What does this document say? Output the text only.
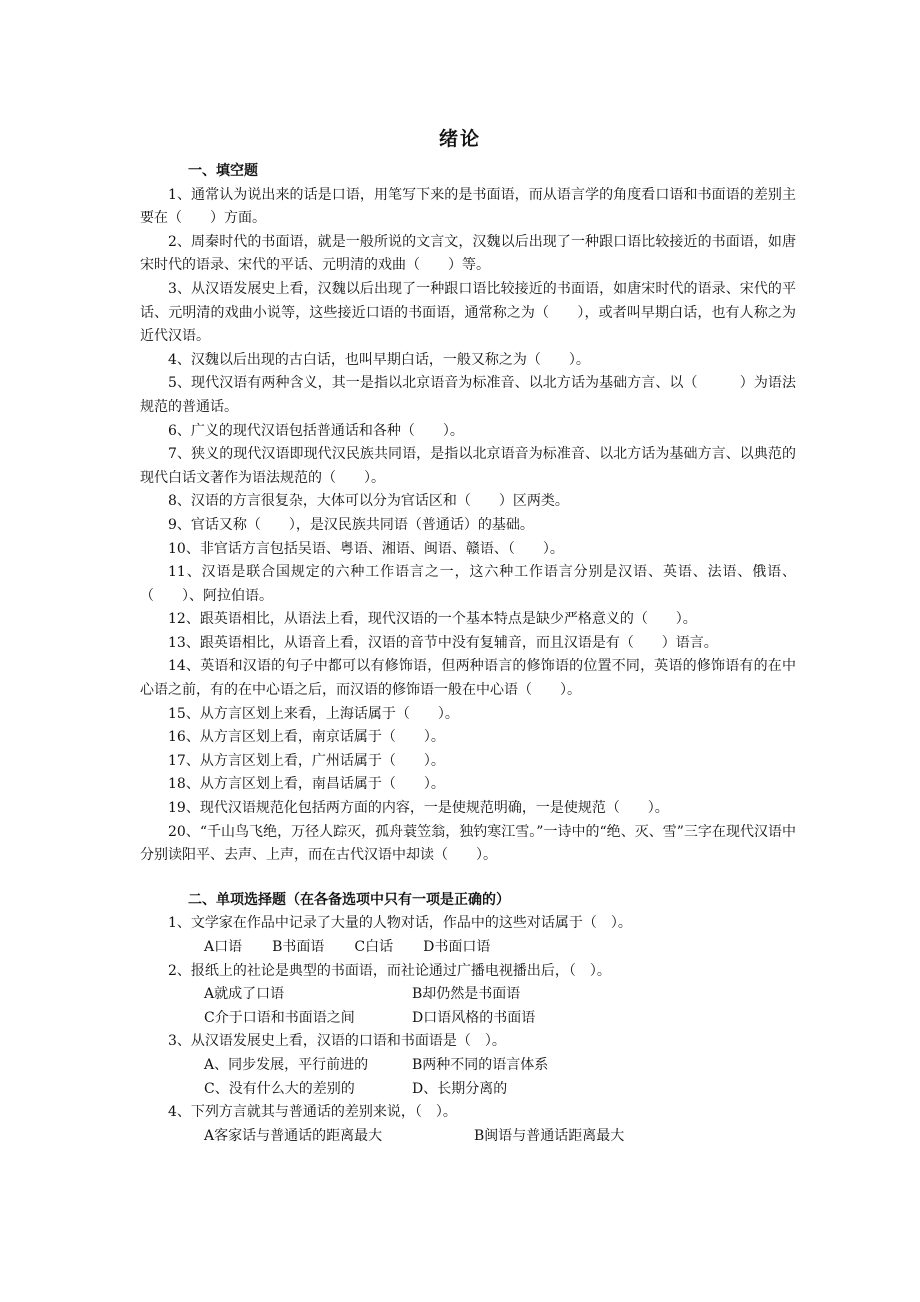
绪论
一、填空题
1、通常认为说出来的话是口语，用笔写下来的是书面语，而从语言学的角度看口语和书面语的差别主要在（　　）方面。
2、周秦时代的书面语，就是一般所说的文言文，汉魏以后出现了一种跟口语比较接近的书面语，如唐宋时代的语录、宋代的平话、元明清的戏曲（　　）等。
3、从汉语发展史上看，汉魏以后出现了一种跟口语比较接近的书面语，如唐宋时代的语录、宋代的平话、元明清的戏曲小说等，这些接近口语的书面语，通常称之为（　　），或者叫早期白话，也有人称之为近代汉语。
4、汉魏以后出现的古白话，也叫早期白话，一般又称之为（　　）。
5、现代汉语有两种含义，其一是指以北京语音为标准音、以北方话为基础方言、以（　　　）为语法规范的普通话。
6、广义的现代汉语包括普通话和各种（　　）。
7、狭义的现代汉语即现代汉民族共同语，是指以北京语音为标准音、以北方话为基础方言、以典范的现代白话文著作为语法规范的（　　）。
8、汉语的方言很复杂，大体可以分为官话区和（　　）区两类。
9、官话又称（　　），是汉民族共同语（普通话）的基础。
10、非官话方言包括吴语、粤语、湘语、闽语、赣语、（　　）。
11、汉语是联合国规定的六种工作语言之一，这六种工作语言分别是汉语、英语、法语、俄语、（　　）、阿拉伯语。
12、跟英语相比，从语法上看，现代汉语的一个基本特点是缺少严格意义的（　　）。
13、跟英语相比，从语音上看，汉语的音节中没有复辅音，而且汉语是有（　　）语言。
14、英语和汉语的句子中都可以有修饰语，但两种语言的修饰语的位置不同，英语的修饰语有的在中心语之前，有的在中心语之后，而汉语的修饰语一般在中心语（　　）。
15、从方言区划上来看，上海话属于（　　）。
16、从方言区划上看，南京话属于（　　）。
17、从方言区划上看，广州话属于（　　）。
18、从方言区划上看，南昌话属于（　　）。
19、现代汉语规范化包括两方面的内容，一是使规范明确，一是使规范（　　）。
20、“千山鸟飞绝，万径人踪灭，孤舟蓑笠翁，独钓寒江雪。”一诗中的“绝、灭、雪”三字在现代汉语中分别读阳平、去声、上声，而在古代汉语中却读（　　）。
二、单项选择题（在各备选项中只有一项是正确的）
1、文学家在作品中记录了大量的人物对话，作品中的这些对话属于（　）。
A口语 B书面语 C白话 D书面口语
2、报纸上的社论是典型的书面语，而社论通过广播电视播出后，（　）。
A就成了口语	B却仍然是书面语
C介于口语和书面语之间	D口语风格的书面语
3、从汉语发展史上看，汉语的口语和书面语是（　）。
A、同步发展，平行前进的	B两种不同的语言体系
C、没有什么大的差别的	D、长期分离的
4、下列方言就其与普通话的差别来说，（　）。
A客家话与普通话的距离最大	B闽语与普通话距离最大
